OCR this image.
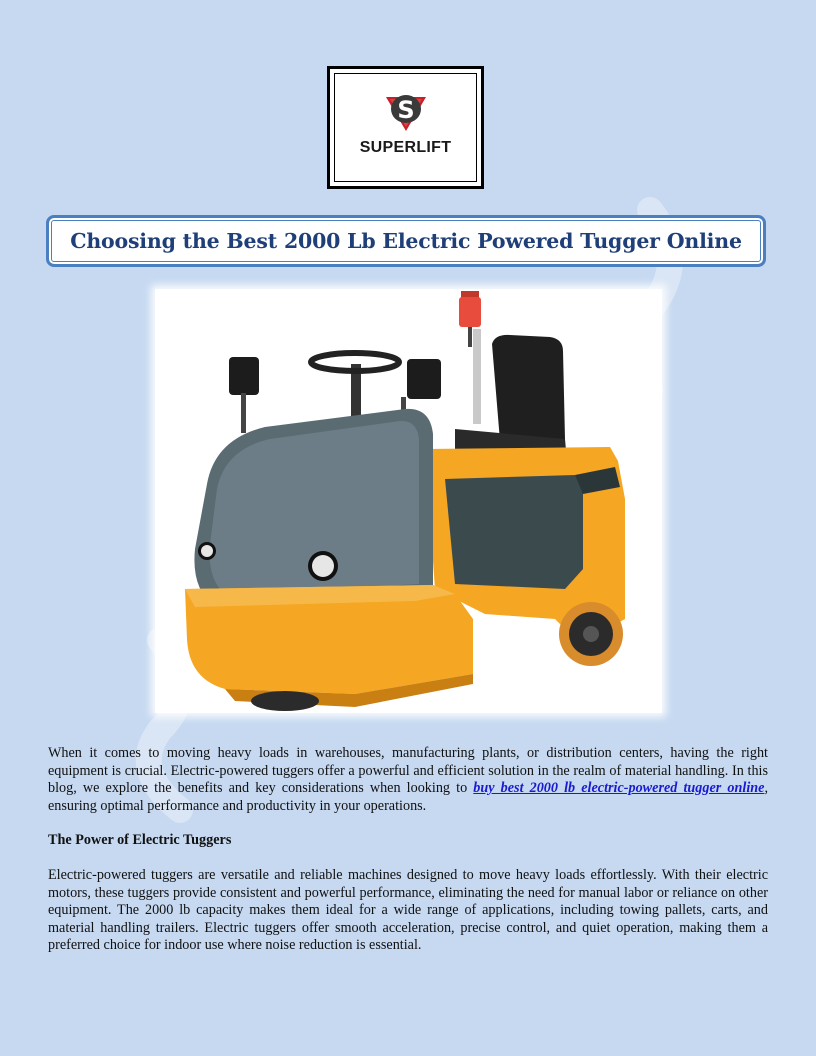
S
SUPERLIFT
Choosing the Best 2000 Lb Electric Powered Tugger Online

When it comes to moving heavy loads in warehouses, manufacturing plants, or distribution centers, having the right equipment is crucial. Electric-powered tuggers offer a powerful and efficient solution in the realm of material handling. In this blog, we explore the benefits and key considerations when looking to buy best 2000 lb electric-powered tugger online, ensuring optimal performance and productivity in your operations.

The Power of Electric Tuggers

Electric-powered tuggers are versatile and reliable machines designed to move heavy loads effortlessly. With their electric motors, these tuggers provide consistent and powerful performance, eliminating the need for manual labor or reliance on other equipment. The 2000 lb capacity makes them ideal for a wide range of applications, including towing pallets, carts, and material handling trailers. Electric tuggers offer smooth acceleration, precise control, and quiet operation, making them a preferred choice for indoor use where noise reduction is essential.
